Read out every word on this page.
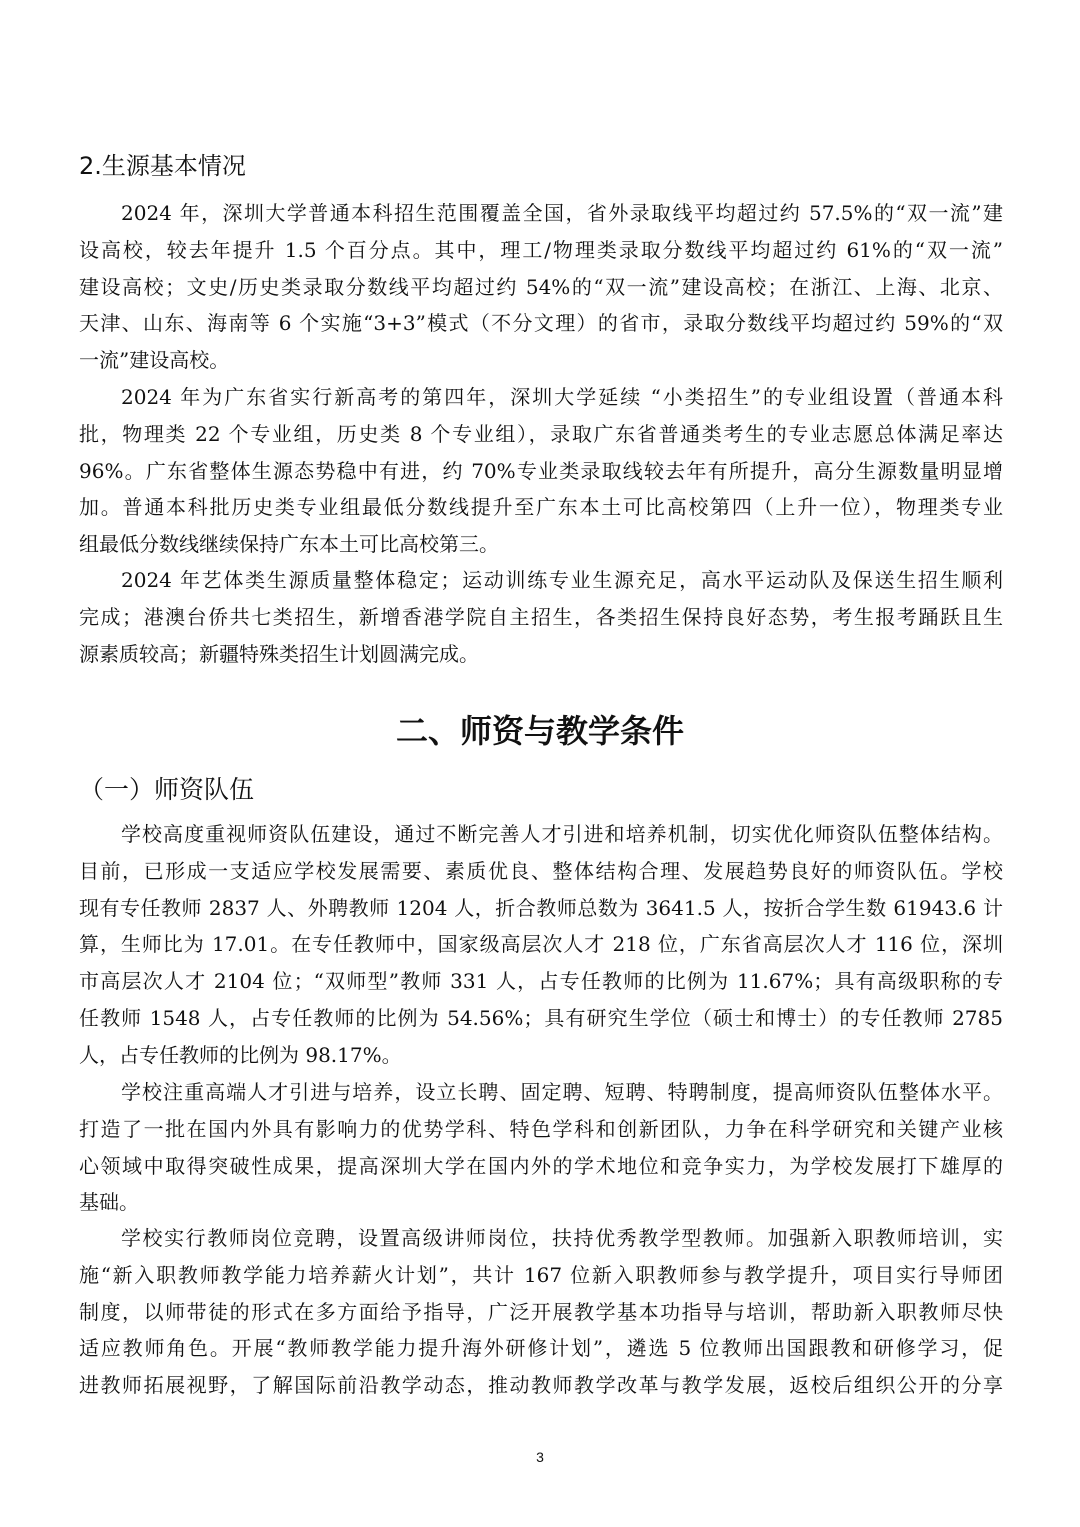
2.生源基本情况
2024 年，深圳大学普通本科招生范围覆盖全国，省外录取线平均超过约 57.5%的“双一流”建
设高校，较去年提升 1.5 个百分点。其中，理工/物理类录取分数线平均超过约 61%的“双一流”
建设高校；文史/历史类录取分数线平均超过约 54%的“双一流”建设高校；在浙江、上海、北京、
天津、山东、海南等 6 个实施“3+3”模式（不分文理）的省市，录取分数线平均超过约 59%的“双
一流”建设高校。
2024 年为广东省实行新高考的第四年，深圳大学延续 “小类招生”的专业组设置（普通本科
批，物理类 22 个专业组，历史类 8 个专业组），录取广东省普通类考生的专业志愿总体满足率达
96%。广东省整体生源态势稳中有进，约 70%专业类录取线较去年有所提升，高分生源数量明显增
加。普通本科批历史类专业组最低分数线提升至广东本土可比高校第四（上升一位），物理类专业
组最低分数线继续保持广东本土可比高校第三。
2024 年艺体类生源质量整体稳定；运动训练专业生源充足，高水平运动队及保送生招生顺利
完成；港澳台侨共七类招生，新增香港学院自主招生，各类招生保持良好态势，考生报考踊跃且生
源素质较高；新疆特殊类招生计划圆满完成。
二、师资与教学条件
（一）师资队伍
学校高度重视师资队伍建设，通过不断完善人才引进和培养机制，切实优化师资队伍整体结构。
目前，已形成一支适应学校发展需要、素质优良、整体结构合理、发展趋势良好的师资队伍。学校
现有专任教师 2837 人、外聘教师 1204 人，折合教师总数为 3641.5 人，按折合学生数 61943.6 计
算，生师比为 17.01。在专任教师中，国家级高层次人才 218 位，广东省高层次人才 116 位，深圳
市高层次人才 2104 位；“双师型”教师 331 人，占专任教师的比例为 11.67%；具有高级职称的专
任教师 1548 人，占专任教师的比例为 54.56%；具有研究生学位（硕士和博士）的专任教师 2785
人，占专任教师的比例为 98.17%。
学校注重高端人才引进与培养，设立长聘、固定聘、短聘、特聘制度，提高师资队伍整体水平。
打造了一批在国内外具有影响力的优势学科、特色学科和创新团队，力争在科学研究和关键产业核
心领域中取得突破性成果，提高深圳大学在国内外的学术地位和竞争实力，为学校发展打下雄厚的
基础。
学校实行教师岗位竞聘，设置高级讲师岗位，扶持优秀教学型教师。加强新入职教师培训，实
施“新入职教师教学能力培养薪火计划”，共计 167 位新入职教师参与教学提升，项目实行导师团
制度，以师带徒的形式在多方面给予指导，广泛开展教学基本功指导与培训，帮助新入职教师尽快
适应教师角色。开展“教师教学能力提升海外研修计划”，遴选 5 位教师出国跟教和研修学习，促
进教师拓展视野，了解国际前沿教学动态，推动教师教学改革与教学发展，返校后组织公开的分享
3
